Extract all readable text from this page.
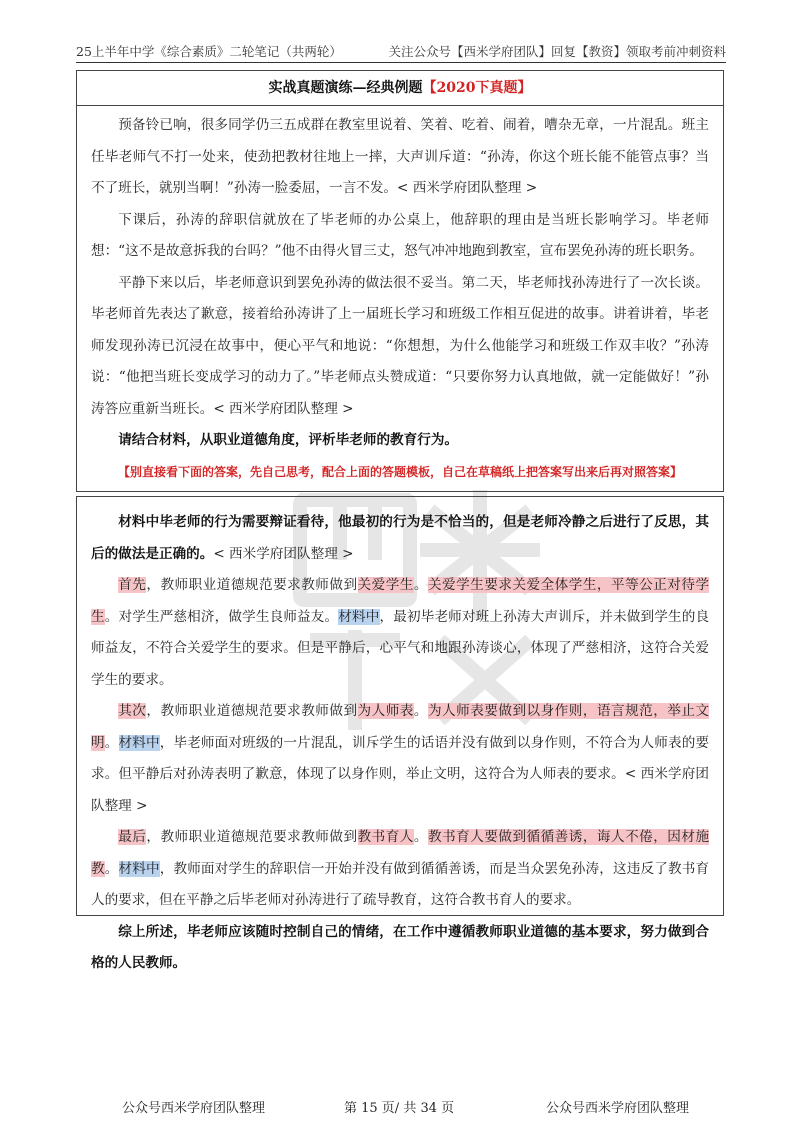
25上半年中学《综合素质》二轮笔记（共两轮）	关注公众号【西米学府团队】回复【教资】领取考前冲刺资料
实战真题演练—经典例题【2020下真题】

预备铃已响，很多同学仍三五成群在教室里说着、笑着、吃着、闹着，嘈杂无章，一片混乱。班主任毕老师气不打一处来，使劲把教材往地上一摔，大声训斥道：“孙涛，你这个班长能不能管点事？当不了班长，就别当啊！”孙涛一脸委屈，一言不发。< 西米学府团队整理 >

下课后，孙涛的辞职信就放在了毕老师的办公桌上，他辞职的理由是当班长影响学习。毕老师想：“这不是故意拆我的台吗？”他不由得火冒三丈，怒气冲冲地跑到教室，宣布罢免孙涛的班长职务。

平静下来以后，毕老师意识到罢免孙涛的做法很不妥当。第二天，毕老师找孙涛进行了一次长谈。毕老师首先表达了歉意，接着给孙涛讲了上一届班长学习和班级工作相互促进的故事。讲着讲着，毕老师发现孙涛已沉浸在故事中，便心平气和地说：“你想想，为什么他能学习和班级工作双丰收？”孙涛说：“他把当班长变成学习的动力了。”毕老师点头赞成道：“只要你努力认真地做，就一定能做好！”孙涛答应重新当班长。< 西米学府团队整理 >

请结合材料，从职业道德角度，评析毕老师的教育行为。

【别直接看下面的答案，先自己思考，配合上面的答题模板，自己在草稿纸上把答案写出来后再对照答案】

材料中毕老师的行为需要辩证看待，他最初的行为是不恰当的，但是老师冷静之后进行了反思，其后的做法是正确的。< 西米学府团队整理 >

首先，教师职业道德规范要求教师做到关爱学生。关爱学生要求关爱全体学生，平等公正对待学生。对学生严慈相济，做学生良师益友。材料中，最初毕老师对班上孙涛大声训斥，并未做到学生的良师益友，不符合关爱学生的要求。但是平静后，心平气和地跟孙涛谈心，体现了严慈相济，这符合关爱学生的要求。

其次，教师职业道德规范要求教师做到为人师表。为人师表要做到以身作则，语言规范，举止文明。材料中，毕老师面对班级的一片混乱，训斥学生的话语并没有做到以身作则，不符合为人师表的要求。但平静后对孙涛表明了歉意，体现了以身作则，举止文明，这符合为人师表的要求。< 西米学府团队整理 >

最后，教师职业道德规范要求教师做到教书育人。教书育人要做到循循善诱，诲人不倦，因材施教。材料中，教师面对学生的辞职信一开始并没有做到循循善诱，而是当众罢免孙涛，这违反了教书育人的要求，但在平静之后毕老师对孙涛进行了疏导教育，这符合教书育人的要求。

综上所述，毕老师应该随时控制自己的情绪，在工作中遵循教师职业道德的基本要求，努力做到合格的人民教师。

公众号西米学府团队整理	第 15 页/ 共 34 页	公众号西米学府团队整理
